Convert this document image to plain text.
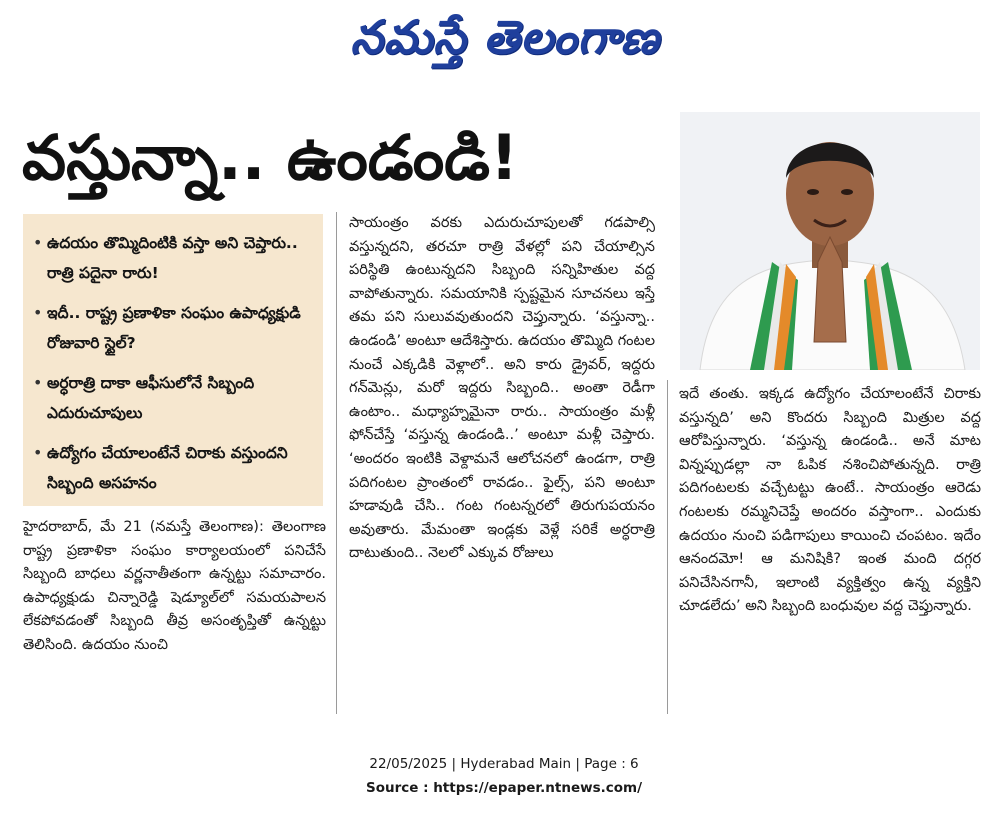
నమస్తే తెలంగాణ
వస్తున్నా.. ఉండండి!
• ఉదయం తొమ్మిదింటికి వస్తా అని చెప్తారు.. రాత్రి పదైనా రారు!
• ఇదీ.. రాష్ట్ర ప్రణాళికా సంఘం ఉపాధ్యక్షుడి రోజువారి స్టైల్?
• అర్ధరాత్రి దాకా ఆఫీసులోనే సిబ్బంది ఎదురుచూపులు
• ఉద్యోగం చేయాలంటేనే చిరాకు వస్తుందని సిబ్బంది అసహనం
హైదరాబాద్, మే 21 (నమస్తే తెలంగాణ): తెలంగాణ రాష్ట్ర ప్రణాళికా సంఘం కార్యాలయంలో పనిచేసే సిబ్బంది బాధలు వర్ణనాతీతంగా ఉన్నట్టు సమాచారం. ఉపాధ్యక్షుడు చిన్నారెడ్డి షెడ్యూల్‌లో సమయపాలన లేకపోవడంతో సిబ్బంది తీవ్ర అసంతృప్తితో ఉన్నట్టు తెలిసింది. ఉదయం నుంచి
సాయంత్రం వరకు ఎదురుచూపులతో గడపాల్సి వస్తున్నదని, తరచూ రాత్రి వేళల్లో పని చేయాల్సిన పరిస్థితి ఉంటున్నదని సిబ్బంది సన్నిహితుల వద్ద వాపోతున్నారు. సమయానికి స్పష్టమైన సూచనలు ఇస్తే తమ పని సులువవుతుందని చెప్తున్నారు. ‘వస్తున్నా.. ఉండండి’ అంటూ ఆదేశిస్తారు. ఉదయం తొమ్మిది గంటల నుంచే ఎక్కడికి వెళ్లాలో.. అని కారు డ్రైవర్, ఇద్దరు గన్‌మెన్లు, మరో ఇద్దరు సిబ్బంది.. అంతా రెడీగా ఉంటాం.. మధ్యాహ్నమైనా రారు.. సాయంత్రం మళ్లీ ఫోన్‌చేస్తే ‘వస్తున్న ఉండండి..’ అంటూ మళ్లీ చెప్తారు. ‘అందరం ఇంటికి వెళ్దామనే ఆలోచనలో ఉండగా, రాత్రి పదిగంటల ప్రాంతంలో రావడం.. ఫైల్స్, పని అంటూ హడావుడి చేసి.. గంట గంటన్నరలో తిరుగుపయనం అవుతారు. మేమంతా ఇండ్లకు వెళ్లే సరికే అర్ధరాత్రి దాటుతుంది.. నెలలో ఎక్కువ రోజులు
ఇదే తంతు. ఇక్కడ ఉద్యోగం చేయాలంటేనే చిరాకు వస్తున్నది’ అని కొందరు సిబ్బంది మిత్రుల వద్ద ఆరోపిస్తున్నారు. ‘వస్తున్న ఉండండి.. అనే మాట విన్నప్పుడల్లా నా ఓపిక నశించిపోతున్నది. రాత్రి పదిగంటలకు వచ్చేటట్టు ఉంటే.. సాయంత్రం ఆరెడు గంటలకు రమ్మనిచెప్తే అందరం వస్తాంగా.. ఎందుకు ఉదయం నుంచి పడిగాపులు కాయించి చంపటం. ఇదేం ఆనందమో! ఆ మనిషికి? ఇంత మంది దగ్గర పనిచేసినగానీ, ఇలాంటి వ్యక్తిత్వం ఉన్న వ్యక్తిని చూడలేదు’ అని సిబ్బంది బంధువుల వద్ద చెప్తున్నారు.
22/05/2025 | Hyderabad Main | Page : 6
Source : https://epaper.ntnews.com/
